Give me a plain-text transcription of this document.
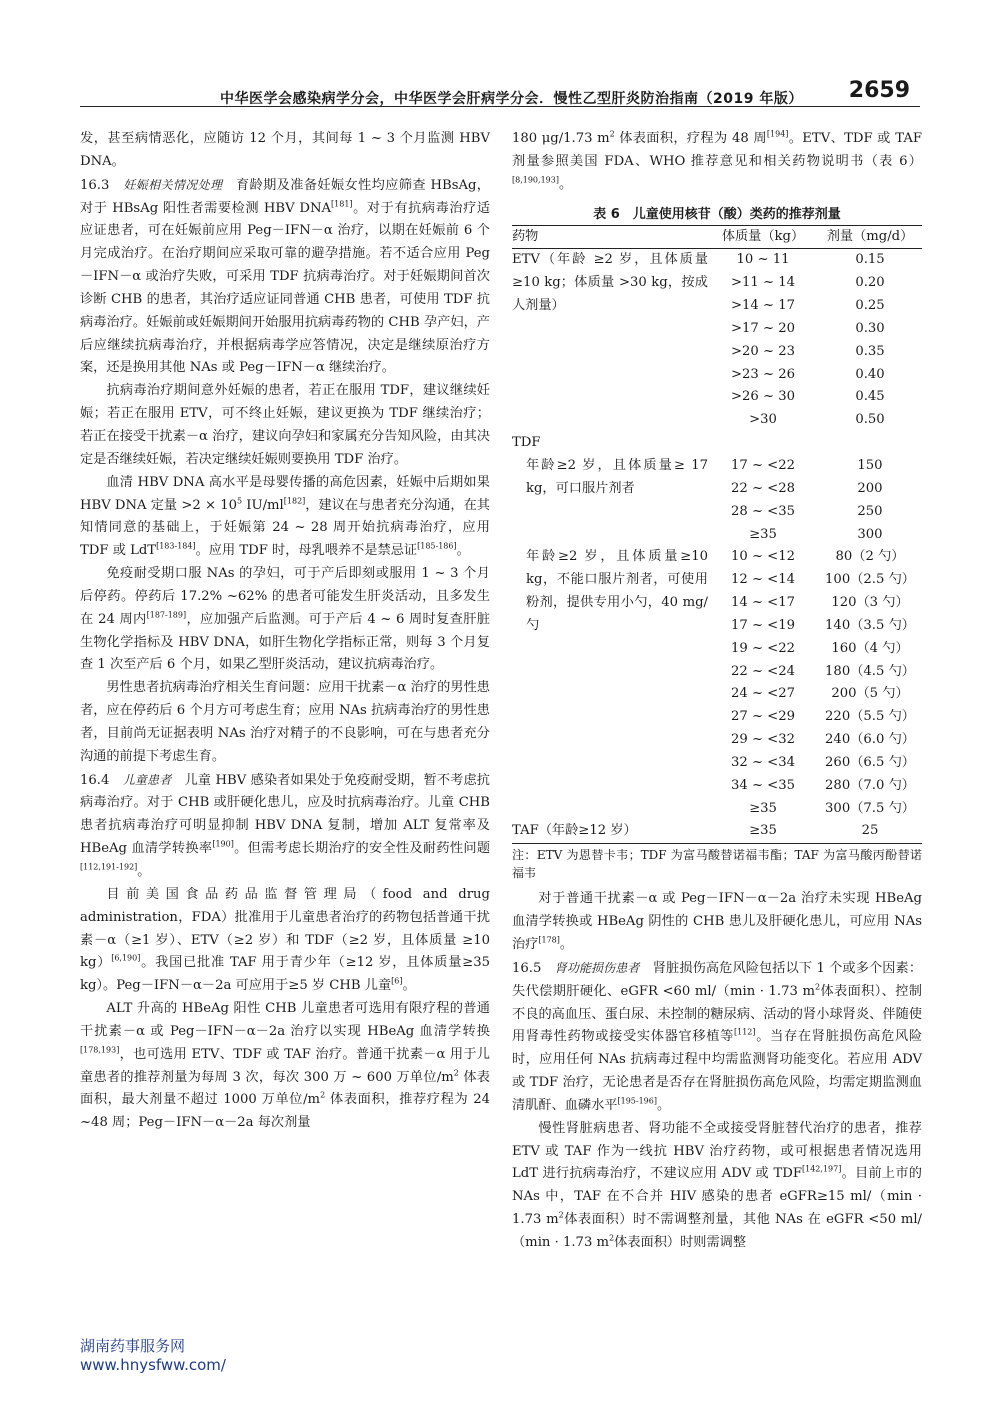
中华医学会感染病学分会，中华医学会肝病学分会．慢性乙型肝炎防治指南（2019 年版） 2659

发，甚至病情恶化，应随访 12 个月，其间每 1 ~ 3 个月监测 HBV DNA。

16.3　 妊娠相关情况处理　 育龄期及准备妊娠女性均应筛查 HBsAg，对于 HBsAg 阳性者需要检测 HBV DNA[181]。对于有抗病毒治疗适应证患者，可在妊娠前应用 Peg－IFN－α 治疗，以期在妊娠前 6 个月完成治疗。在治疗期间应采取可靠的避孕措施。若不适合应用 Peg－IFN－α 或治疗失败，可采用 TDF 抗病毒治疗。对于妊娠期间首次诊断 CHB 的患者，其治疗适应证同普通 CHB 患者，可使用 TDF 抗病毒治疗。妊娠前或妊娠期间开始服用抗病毒药物的 CHB 孕产妇，产后应继续抗病毒治疗，并根据病毒学应答情况，决定是继续原治疗方案，还是换用其他 NAs 或 Peg－IFN－α 继续治疗。

抗病毒治疗期间意外妊娠的患者，若正在服用 TDF，建议继续妊娠；若正在服用 ETV，可不终止妊娠，建议更换为 TDF 继续治疗；若正在接受干扰素－α 治疗，建议向孕妇和家属充分告知风险，由其决定是否继续妊娠，若决定继续妊娠则要换用 TDF 治疗。

血清 HBV DNA 高水平是母婴传播的高危因素，妊娠中后期如果 HBV DNA 定量 $>2 \times 10^5$ IU/ml[182]，建议在与患者充分沟通，在其知情同意的基础上，于妊娠第 24 ~ 28 周开始抗病毒治疗，应用 TDF 或 LdT[183-184]。应用 TDF 时，母乳喂养不是禁忌证[185-186]。

免疫耐受期口服 NAs 的孕妇，可于产后即刻或服用 1 ~ 3 个月后停药。停药后 17.2% ~62% 的患者可能发生肝炎活动，且多发生在 24 周内[187-189]，应加强产后监测。可于产后 4 ~ 6 周时复查肝脏生物化学指标及 HBV DNA，如肝生物化学指标正常，则每 3 个月复查 1 次至产后 6 个月，如果乙型肝炎活动，建议抗病毒治疗。

男性患者抗病毒治疗相关生育问题：应用干扰素－α 治疗的男性患者，应在停药后 6 个月方可考虑生育；应用 NAs 抗病毒治疗的男性患者，目前尚无证据表明 NAs 治疗对精子的不良影响，可在与患者充分沟通的前提下考虑生育。

16.4　 儿童患者　 儿童 HBV 感染者如果处于免疫耐受期，暂不考虑抗病毒治疗。对于 CHB 或肝硬化患儿，应及时抗病毒治疗。儿童 CHB 患者抗病毒治疗可明显抑制 HBV DNA 复制，增加 ALT 复常率及 HBeAg 血清学转换率[190]。但需考虑长期治疗的安全性及耐药性问题[112,191-192]。

目前美国食品药品监督管理局（food and drug administration，FDA）批准用于儿童患者治疗的药物包括普通干扰素－α（≥1 岁）、ETV（≥2 岁）和 TDF（≥2 岁，且体质量 ≥10 kg）[6,190]。我国已批准 TAF 用于青少年（≥12 岁，且体质量≥35 kg）。Peg－IFN－α－2a 可应用于≥5 岁 CHB 儿童[6]。

ALT 升高的 HBeAg 阳性 CHB 儿童患者可选用有限疗程的普通干扰素－α 或 Peg－IFN－α－2a 治疗以实现 HBeAg 血清学转换[178,193]，也可选用 ETV、TDF 或 TAF 治疗。普通干扰素－α 用于儿童患者的推荐剂量为每周 3 次，每次 300 万 ~ 600 万单位$/m^2$ 体表面积，最大剂量不超过 1000 万单位$/m^2$ 体表面积，推荐疗程为 24 ~48 周；Peg－IFN－α－2a 每次剂量

180 μg/1.73 $m^2$ 体表面积，疗程为 48 周[194]。ETV、TDF 或 TAF 剂量参照美国 FDA、WHO 推荐意见和相关药物说明书（表 6）[8,190,193]。

表 6　儿童使用核苷（酸）类药的推荐剂量
药物	体质量（kg）	剂量（mg/d）
ETV（年龄 ≥2 岁，且体质量 ≥10 kg；体质量 >30 kg，按成人剂量）	10 ~ 11	0.15
	>11 ~ 14	0.20
	>14 ~ 17	0.25
	>17 ~ 20	0.30
	>20 ~ 23	0.35
	>23 ~ 26	0.40
	>26 ~ 30	0.45
	>30	0.50
TDF		
年龄≥2 岁，且体质量≥ 17 kg，可口服片剂者	17 ~ <22	150
	22 ~ <28	200
	28 ~ <35	250
	≥35	300
年龄≥2 岁，且体质量≥10 kg，不能口服片剂者，可使用粉剂，提供专用小勺，40 mg/勺	10 ~ <12	80（2 勺）
	12 ~ <14	100（2.5 勺）
	14 ~ <17	120（3 勺）
	17 ~ <19	140（3.5 勺）
	19 ~ <22	160（4 勺）
	22 ~ <24	180（4.5 勺）
	24 ~ <27	200（5 勺）
	27 ~ <29	220（5.5 勺）
	29 ~ <32	240（6.0 勺）
	32 ~ <34	260（6.5 勺）
	34 ~ <35	280（7.0 勺）
	≥35	300（7.5 勺）
TAF（年龄≥12 岁）	≥35	25
注：ETV 为恩替卡韦；TDF 为富马酸替诺福韦酯；TAF 为富马酸丙酚替诺福韦

对于普通干扰素－α 或 Peg－IFN－α－2a 治疗未实现 HBeAg 血清学转换或 HBeAg 阴性的 CHB 患儿及肝硬化患儿，可应用 NAs 治疗[178]。

16.5　 肾功能损伤患者　 肾脏损伤高危风险包括以下 1 个或多个因素：失代偿期肝硬化、eGFR <60 ml/（min · 1.73 $m^2$体表面积）、控制不良的高血压、蛋白尿、未控制的糖尿病、活动的肾小球肾炎、伴随使用肾毒性药物或接受实体器官移植等[112]。当存在肾脏损伤高危风险时，应用任何 NAs 抗病毒过程中均需监测肾功能变化。若应用 ADV 或 TDF 治疗，无论患者是否存在肾脏损伤高危风险，均需定期监测血清肌酐、血磷水平[195-196]。

慢性肾脏病患者、肾功能不全或接受肾脏替代治疗的患者，推荐 ETV 或 TAF 作为一线抗 HBV 治疗药物，或可根据患者情况选用 LdT 进行抗病毒治疗，不建议应用 ADV 或 TDF[142,197]。目前上市的 NAs 中，TAF 在不合并 HIV 感染的患者 eGFR≥15 ml/（min · 1.73 $m^2$体表面积）时不需调整剂量，其他 NAs 在 eGFR <50 ml/（min · 1.73 $m^2$体表面积）时则需调整

湖南药事服务网
www.hnysfww.com/
